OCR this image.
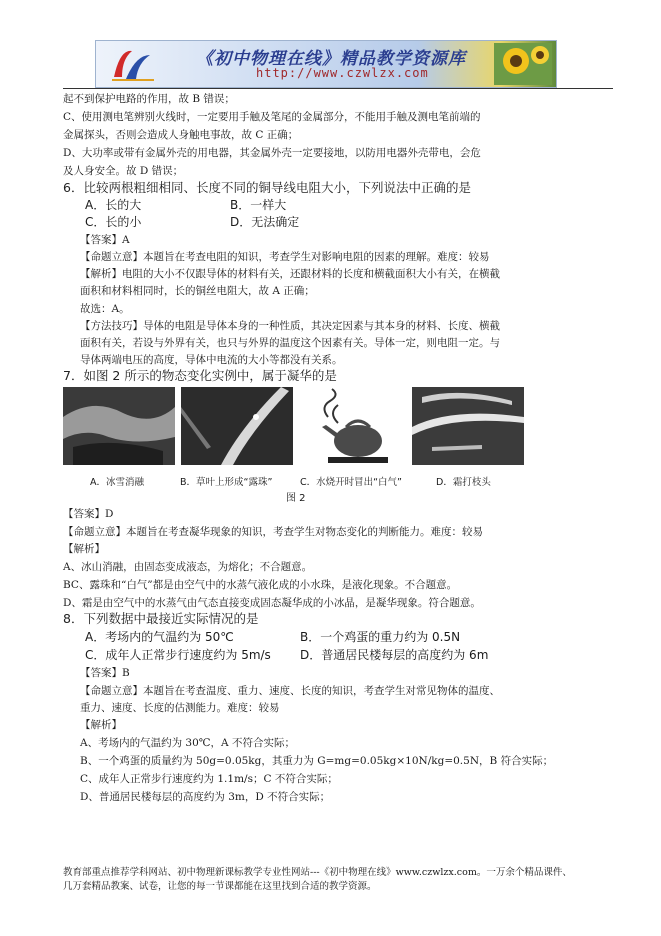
《初中物理在线》精品教学资源库
http://www.czwlzx.com
起不到保护电路的作用，故 B 错误；
C、使用测电笔辨别火线时，一定要用手触及笔尾的金属部分，不能用手触及测电笔前端的
金属探头，否则会造成人身触电事故，故 C 正确；
D、大功率或带有金属外壳的用电器，其金属外壳一定要接地，以防用电器外壳带电，会危
及人身安全。故 D 错误；
6．比较两根粗细相同、长度不同的铜导线电阻大小，下列说法中正确的是
A．长的大	B．一样大
C．长的小	D．无法确定
【答案】A
【命题立意】本题旨在考查电阻的知识，考查学生对影响电阻的因素的理解。难度：较易
【解析】电阻的大小不仅跟导体的材料有关，还跟材料的长度和横截面积大小有关，在横截
面积和材料相同时，长的铜丝电阻大，故 A 正确；
故选：A。
【方法技巧】导体的电阻是导体本身的一种性质，其决定因素与其本身的材料、长度、横截
面积有关，若设与外界有关，也只与外界的温度这个因素有关。导体一定，则电阻一定。与
导体两端电压的高度，导体中电流的大小等都没有关系。
7．如图 2 所示的物态变化实例中，属于凝华的是
A．冰雪消融	B．草叶上形成“露珠”	C．水烧开时冒出“白气”	D．霜打枝头
图 2
【答案】D
【命题立意】本题旨在考查凝华现象的知识，考查学生对物态变化的判断能力。难度：较易
【解析】
A、冰山消融，由固态变成液态，为熔化；不合题意。
BC、露珠和“白气”都是由空气中的水蒸气液化成的小水珠，是液化现象。不合题意。
D、霜是由空气中的水蒸气由气态直接变成固态凝华成的小冰晶，是凝华现象。符合题意。
8．下列数据中最接近实际情况的是
A．考场内的气温约为 50℃	B．一个鸡蛋的重力约为 0.5N
C．成年人正常步行速度约为 5m/s D．普通居民楼每层的高度约为 6m
【答案】B
【命题立意】本题旨在考查温度、重力、速度、长度的知识，考查学生对常见物体的温度、
重力、速度、长度的估测能力。难度：较易
【解析】
A、考场内的气温约为 30℃，A 不符合实际；
B、一个鸡蛋的质量约为 50g=0.05kg，其重力为 G=mg=0.05kg×10N/kg=0.5N，B 符合实际；
C、成年人正常步行速度约为 1.1m/s；C 不符合实际；
D、普通居民楼每层的高度约为 3m，D 不符合实际；
教育部重点推荐学科网站、初中物理新课标教学专业性网站---《初中物理在线》www.czwlzx.com。一万余个精品课件、
几万套精品教案、试卷，让您的每一节课都能在这里找到合适的教学资源。
